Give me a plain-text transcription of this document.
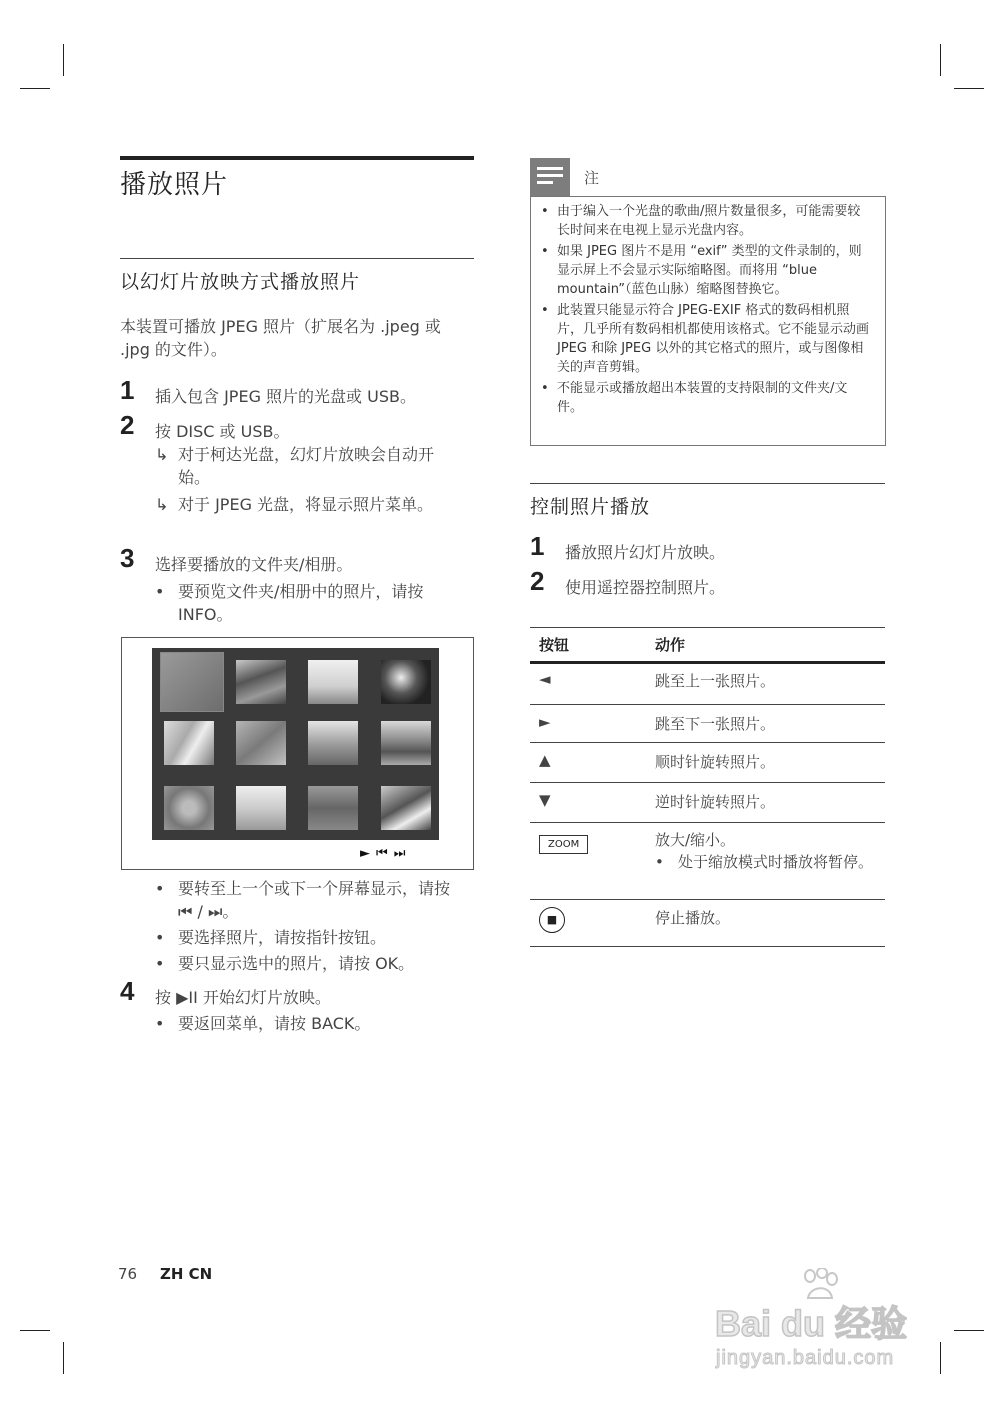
播放照片
以幻灯片放映方式播放照片
本装置可播放 JPEG 照片（扩展名为 .jpeg 或 .jpg 的文件）。
1 插入包含 JPEG 照片的光盘或 USB。
2 按 DISC 或 USB。
↳ 对于柯达光盘，幻灯片放映会自动开始。
↳ 对于 JPEG 光盘，将显示照片菜单。
3 选择要播放的文件夹/相册。
• 要预览文件夹/相册中的照片，请按 INFO。
►⏮⏭
• 要转至上一个或下一个屏幕显示，请按 ⏮ / ⏭。
• 要选择照片，请按指针按钮。
• 要只显示选中的照片，请按 OK。
4 按 ▶II 开始幻灯片放映。
• 要返回菜单，请按 BACK。
注
• 由于编入一个光盘的歌曲/照片数量很多，可能需要较长时间来在电视上显示光盘内容。
• 如果 JPEG 图片不是用 “exif” 类型的文件录制的，则显示屏上不会显示实际缩略图。而将用 “blue mountain”（蓝色山脉）缩略图替换它。
• 此装置只能显示符合 JPEG-EXIF 格式的数码相机照片，几乎所有数码相机都使用该格式。它不能显示动画 JPEG 和除 JPEG 以外的其它格式的照片，或与图像相关的声音剪辑。
• 不能显示或播放超出本装置的支持限制的文件夹/文件。
控制照片播放
1 播放照片幻灯片放映。
2 使用遥控器控制照片。
按钮	动作
◄	跳至上一张照片。
►	跳至下一张照片。
▲	顺时针旋转照片。
▼	逆时针旋转照片。
ZOOM	放大/缩小。
• 处于缩放模式时播放将暂停。

■	停止播放。
76 ZH CN
Bai du 经验
jingyan.baidu.com
